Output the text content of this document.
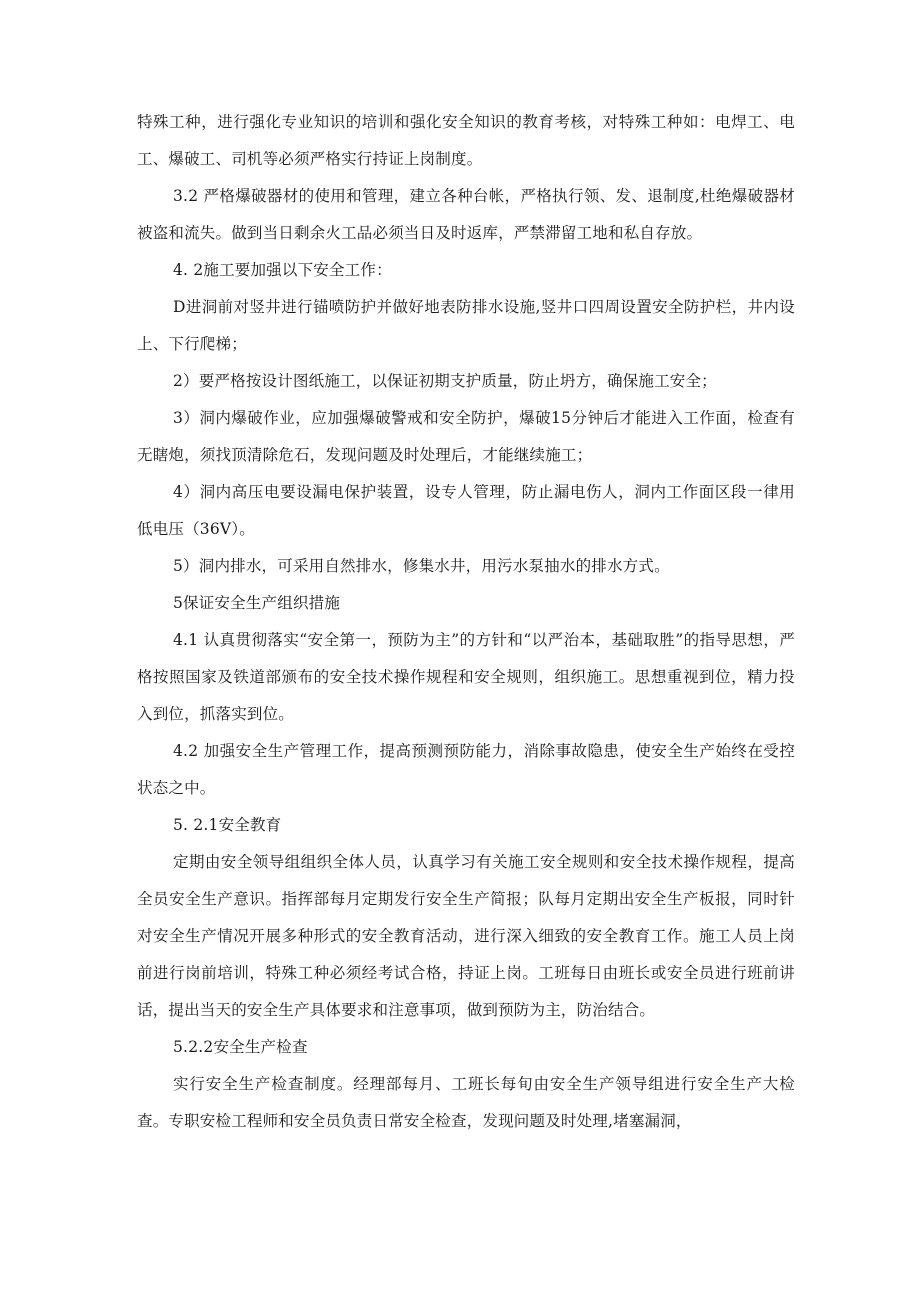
特殊工种，进行强化专业知识的培训和强化安全知识的教育考核，对特殊工种如：电焊工、电工、爆破工、司机等必须严格实行持证上岗制度。

3.2 严格爆破器材的使用和管理，建立各种台帐，严格执行领、发、退制度,杜绝爆破器材被盗和流失。做到当日剩余火工品必须当日及时返库，严禁滞留工地和私自存放。

4. 2施工要加强以下安全工作：

D进洞前对竖井进行锚喷防护并做好地表防排水设施,竖井口四周设置安全防护栏，井内设上、下行爬梯；

2）要严格按设计图纸施工，以保证初期支护质量，防止坍方，确保施工安全；

3）洞内爆破作业，应加强爆破警戒和安全防护，爆破15分钟后才能进入工作面，检查有无瞎炮，须找顶清除危石，发现问题及时处理后，才能继续施工；

4）洞内高压电要设漏电保护装置，设专人管理，防止漏电伤人，洞内工作面区段一律用低电压（36V）。

5）洞内排水，可采用自然排水，修集水井，用污水泵抽水的排水方式。

5保证安全生产组织措施

4.1 认真贯彻落实“安全第一，预防为主”的方针和“以严治本，基础取胜”的指导思想，严格按照国家及铁道部颁布的安全技术操作规程和安全规则，组织施工。思想重视到位，精力投入到位，抓落实到位。

4.2 加强安全生产管理工作，提高预测预防能力，消除事故隐患，使安全生产始终在受控状态之中。

5. 2.1安全教育

定期由安全领导组组织全体人员，认真学习有关施工安全规则和安全技术操作规程，提高全员安全生产意识。指挥部每月定期发行安全生产简报；队每月定期出安全生产板报，同时针对安全生产情况开展多种形式的安全教育活动，进行深入细致的安全教育工作。施工人员上岗前进行岗前培训，特殊工种必须经考试合格，持证上岗。工班每日由班长或安全员进行班前讲话，提出当天的安全生产具体要求和注意事项，做到预防为主，防治结合。

5.2.2安全生产检查

实行安全生产检查制度。经理部每月、工班长每旬由安全生产领导组进行安全生产大检查。专职安检工程师和安全员负责日常安全检查，发现问题及时处理,堵塞漏洞，
